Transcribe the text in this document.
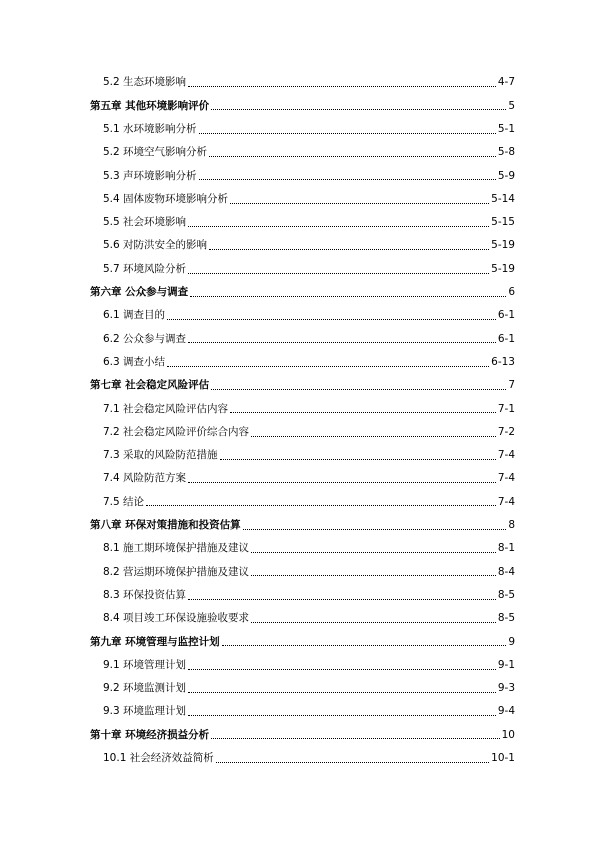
5.2 生态环境影响	4-7
第五章 其他环境影响评价	5
5.1 水环境影响分析	5-1
5.2 环境空气影响分析	5-8
5.3 声环境影响分析	5-9
5.4 固体废物环境影响分析	5-14
5.5 社会环境影响	5-15
5.6 对防洪安全的影响	5-19
5.7 环境风险分析	5-19
第六章 公众参与调查	6
6.1 调查目的	6-1
6.2 公众参与调查	6-1
6.3 调查小结	6-13
第七章 社会稳定风险评估	7
7.1 社会稳定风险评估内容	7-1
7.2 社会稳定风险评价综合内容	7-2
7.3 采取的风险防范措施	7-4
7.4 风险防范方案	7-4
7.5 结论	7-4
第八章 环保对策措施和投资估算	8
8.1 施工期环境保护措施及建议	8-1
8.2 营运期环境保护措施及建议	8-4
8.3 环保投资估算	8-5
8.4 项目竣工环保设施验收要求	8-5
第九章 环境管理与监控计划	9
9.1 环境管理计划	9-1
9.2 环境监测计划	9-3
9.3 环境监理计划	9-4
第十章 环境经济损益分析	10
10.1 社会经济效益简析	10-1
